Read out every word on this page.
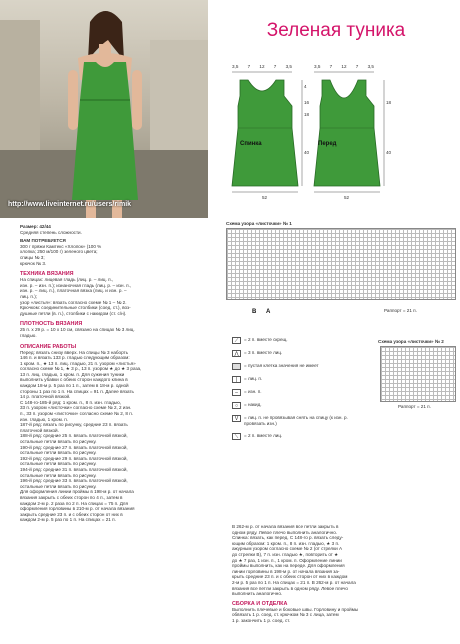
http://www.liveinternet.ru/users/rimik
Зеленая туника
Спинка	Перед
3,5 7 12 7 3,5	3,5 7 12 7 3,5
4
16
18
40
18
40
52	52
Схема узора «листочки» № 1
B A	Раппорт = 21 п.
⟋	= 2 п. вместе скрещ.
⋀	= 3 п. вместе лиц.
= пустая клетка значения не имеет
|	= лиц. п.
–	= изн. п.
○	= накид.
V	= лиц. п. не провязывая снять на спицу (к изн. р. провязать изн.)
⟍	= 2 п. вместе лиц.
Схема узора «листочки» № 2
Раппорт = 21 п.
Размер: 42/44
Средняя степень сложности.
ВАМ ПОТРЕБУЕТСЯ
300 г пряжи Камтекс «Хлопок» (100 %
хлопка; 250 м/100 г) зеленого цвета;
спицы № 3;
крючок № 3.
ТЕХНИКА ВЯЗАНИЯ
На спицах: лицевая гладь (лиц. р. – лиц. п.,
изн. р. – изн. п.); изнаночная гладь (лиц. р. – изн. п.,
изн. р. – лиц. п.), платочная вязка (лиц. и изн. р. –
лиц. п.);
узор «листья»: вязать согласно схеме № 1 – № 2.
Крючком: соединительные столбики (соед. ст.), воз-
душные петли (в. п.), столбики с накидом (ст. с/н).
ПЛОТНОСТЬ ВЯЗАНИЯ
25 п. x 29 р. = 10 x 10 см, связано на спицах № 3 лиц.
гладью.
ОПИСАНИЕ РАБОТЫ
Перед: вязать снизу вверх. На спицы № 3 наборть
146 п. и вязать 133 р. гладью следующим образом:
1 кром. п., ★ 13 п. лиц. гладью, 21 п. узором «листья»
согласно схеме № 1, ★ 3 р., 13 п. узором ★ до ★ 3 раза,
13 п. лиц. гладью, 1 кром. п. Для сужения туники
выполнить убавки с обеих сторон каждого клина в
каждом 18-м р. 5 раз по 1 п., затем в 18-м р. одной
стороны 1 раз по 1 п. На спицах = 91 п. Далее вязать
14 р. платочной вязкой.
С 148-го-185-й ряд: 1 кром. п., 8 п. изн. гладью,
33 п. узором «листочки» согласно схеме № 2, 2 изн.
п., 33 п. узором «листочки» согласно схеме № 2, 8 п.
изн. гладью, 1 кром. п.
187-й ряд: вязать по рисунку, средние 23 п. вязать
платочной вязкой.
188-й ряд: средние 25 п. вязать платочной вязкой,
остальные петли вязать по рисунку.
190-й ряд: средние 27 п. вязать платочной вязкой,
остальные петли вязать по рисунку.
192-й ряд: средние 29 п. вязать платочной вязкой,
остальные петли вязать по рисунку.
194-й ряд: средние 31 п. вязать платочной вязкой,
остальные петли вязать по рисунку.
196-й ряд: средние 33 п. вязать платочной вязкой,
остальные петли вязать по рисунку.
Для оформления линии проймы в 198-м р. от начала
вязания закрыть с обеих сторон по 4 п., затем в
каждом 2-м р. 2 раза по 2 п. На спицах = 75 п. Для
оформления горловины в 210-м р. от начала вязания
закрыть средние 23 п. и с обеих сторон от них в
каждом 2-м р. 5 раз по 1 п. На спицах = 21 п.
В 262-м р. от начала вязания все петли закрыть в
одном ряду. Левое плечо выполнить аналогично.
Спинка: вязать, как перед. С 148-го р. вязать следу-
ющим образом: 1 кром. п., 8 п. изн. гладью, ★ 3 п.
ажурным узором согласно схеме № 2 (от стрелки А
до стрелки В), 7 п. изн. гладью ★, повторить от ★
до ★ 7 раз, 1 изн. п., 1 кром. п. Оформление линии
проймы выполнить, как на переде. Для оформления
линии горловины в 198-м р. от начала вязания за-
крыть средние 23 п. и с обеих сторон от них в каждом
2-м р. 5 раз по 1 п. На спицах = 21 п. В 262-м р. от начала
вязания все петли закрыть в одном ряду. Левое плечо
выполнить аналогично.
СБОРКА И ОТДЕЛКА
Выполнить плечевые и боковые швы. Горловину и проймы
обвязать 1 р. соед. ст. крючком № 3 с лица, затем
1 р. закончить 1 р. соед. ст.
